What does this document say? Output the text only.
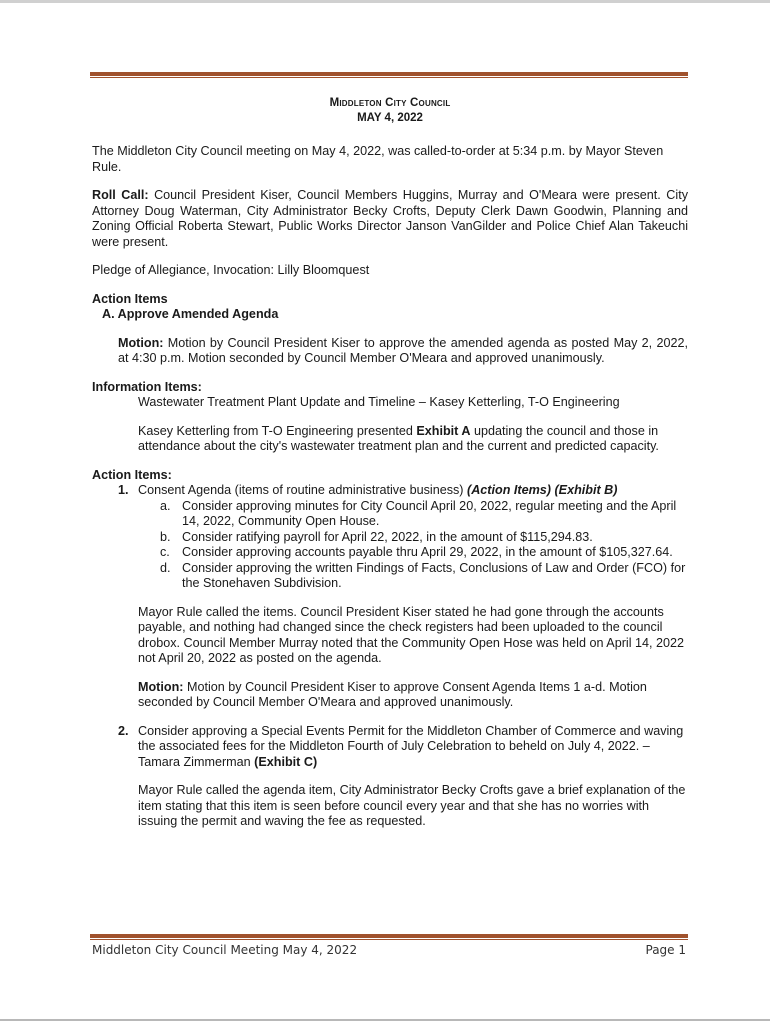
Middleton City Council
MAY 4, 2022

The Middleton City Council meeting on May 4, 2022, was called-to-order at 5:34 p.m. by Mayor Steven Rule.

Roll Call: Council President Kiser, Council Members Huggins, Murray and O'Meara were present. City Attorney Doug Waterman, City Administrator Becky Crofts, Deputy Clerk Dawn Goodwin, Planning and Zoning Official Roberta Stewart, Public Works Director Janson VanGilder and Police Chief Alan Takeuchi were present.

Pledge of Allegiance, Invocation: Lilly Bloomquest

Action Items

A. Approve Amended Agenda

Motion: Motion by Council President Kiser to approve the amended agenda as posted May 2, 2022, at 4:30 p.m. Motion seconded by Council Member O'Meara and approved unanimously.

Information Items:

Wastewater Treatment Plant Update and Timeline – Kasey Ketterling, T-O Engineering

Kasey Ketterling from T-O Engineering presented Exhibit A updating the council and those in attendance about the city's wastewater treatment plan and the current and predicted capacity.

Action Items:

1. Consent Agenda (items of routine administrative business) (Action Items) (Exhibit B)
a. Consider approving minutes for City Council April 20, 2022, regular meeting and the April 14, 2022, Community Open House.
b. Consider ratifying payroll for April 22, 2022, in the amount of $115,294.83.
c. Consider approving accounts payable thru April 29, 2022, in the amount of $105,327.64.
d. Consider approving the written Findings of Facts, Conclusions of Law and Order (FCO) for the Stonehaven Subdivision.

Mayor Rule called the items. Council President Kiser stated he had gone through the accounts payable, and nothing had changed since the check registers had been uploaded to the council drobox. Council Member Murray noted that the Community Open Hose was held on April 14, 2022 not April 20, 2022 as posted on the agenda.

Motion: Motion by Council President Kiser to approve Consent Agenda Items 1 a-d. Motion seconded by Council Member O'Meara and approved unanimously.

2. Consider approving a Special Events Permit for the Middleton Chamber of Commerce and waving the associated fees for the Middleton Fourth of July Celebration to beheld on July 4, 2022. – Tamara Zimmerman (Exhibit C)

Mayor Rule called the agenda item, City Administrator Becky Crofts gave a brief explanation of the item stating that this item is seen before council every year and that she has no worries with issuing the permit and waving the fee as requested.

Middleton City Council Meeting May 4, 2022	Page 1
